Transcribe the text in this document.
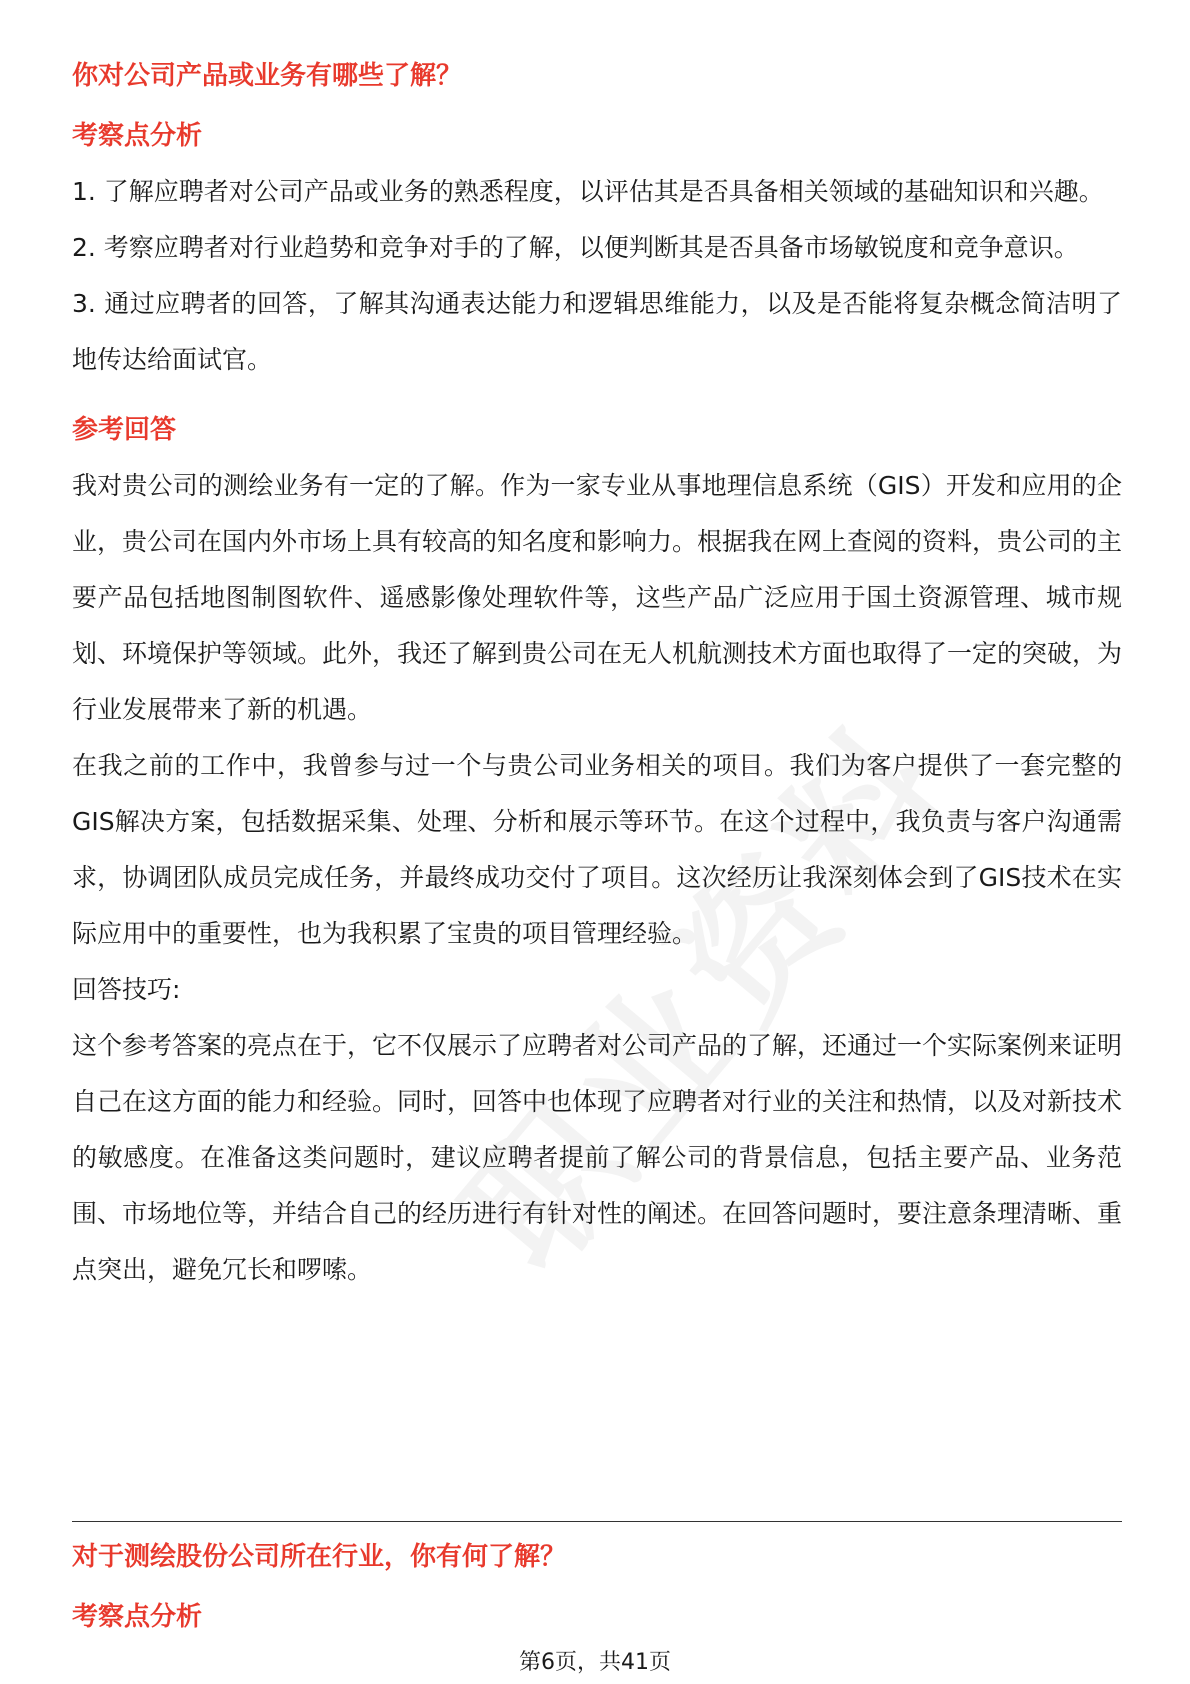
你对公司产品或业务有哪些了解？

考察点分析

1. 了解应聘者对公司产品或业务的熟悉程度，以评估其是否具备相关领域的基础知识和兴趣。

2. 考察应聘者对行业趋势和竞争对手的了解，以便判断其是否具备市场敏锐度和竞争意识。

3. 通过应聘者的回答，了解其沟通表达能力和逻辑思维能力，以及是否能将复杂概念简洁明了地传达给面试官。

参考回答

我对贵公司的测绘业务有一定的了解。作为一家专业从事地理信息系统（GIS）开发和应用的企业，贵公司在国内外市场上具有较高的知名度和影响力。根据我在网上查阅的资料，贵公司的主要产品包括地图制图软件、遥感影像处理软件等，这些产品广泛应用于国土资源管理、城市规划、环境保护等领域。此外，我还了解到贵公司在无人机航测技术方面也取得了一定的突破，为行业发展带来了新的机遇。

在我之前的工作中，我曾参与过一个与贵公司业务相关的项目。我们为客户提供了一套完整的GIS解决方案，包括数据采集、处理、分析和展示等环节。在这个过程中，我负责与客户沟通需求，协调团队成员完成任务，并最终成功交付了项目。这次经历让我深刻体会到了GIS技术在实际应用中的重要性，也为我积累了宝贵的项目管理经验。

回答技巧:

这个参考答案的亮点在于，它不仅展示了应聘者对公司产品的了解，还通过一个实际案例来证明自己在这方面的能力和经验。同时，回答中也体现了应聘者对行业的关注和热情，以及对新技术的敏感度。在准备这类问题时，建议应聘者提前了解公司的背景信息，包括主要产品、业务范围、市场地位等，并结合自己的经历进行有针对性的阐述。在回答问题时，要注意条理清晰、重点突出，避免冗长和啰嗦。

对于测绘股份公司所在行业，你有何了解？

考察点分析

第6页，共41页
